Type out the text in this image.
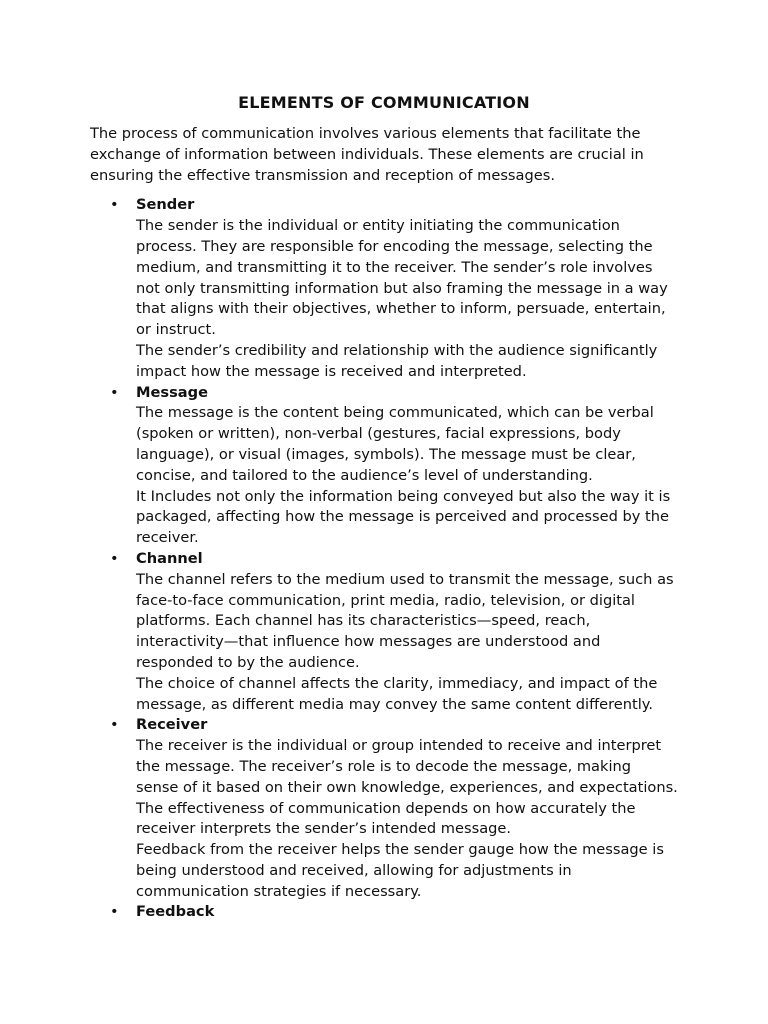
ELEMENTS OF COMMUNICATION

The process of communication involves various elements that facilitate the exchange of information between individuals. These elements are crucial in ensuring the effective transmission and reception of messages.

• Sender
The sender is the individual or entity initiating the communication process. They are responsible for encoding the message, selecting the medium, and transmitting it to the receiver. The sender’s role involves not only transmitting information but also framing the message in a way that aligns with their objectives, whether to inform, persuade, entertain, or instruct.
The sender’s credibility and relationship with the audience significantly impact how the message is received and interpreted.
• Message
The message is the content being communicated, which can be verbal (spoken or written), non-verbal (gestures, facial expressions, body language), or visual (images, symbols). The message must be clear, concise, and tailored to the audience’s level of understanding.
It Includes not only the information being conveyed but also the way it is packaged, affecting how the message is perceived and processed by the receiver.
• Channel
The channel refers to the medium used to transmit the message, such as face-to-face communication, print media, radio, television, or digital platforms. Each channel has its characteristics—speed, reach, interactivity—that influence how messages are understood and responded to by the audience.
The choice of channel affects the clarity, immediacy, and impact of the message, as different media may convey the same content differently.
• Receiver
The receiver is the individual or group intended to receive and interpret the message. The receiver’s role is to decode the message, making sense of it based on their own knowledge, experiences, and expectations. The effectiveness of communication depends on how accurately the receiver interprets the sender’s intended message.
Feedback from the receiver helps the sender gauge how the message is being understood and received, allowing for adjustments in communication strategies if necessary.
• Feedback
